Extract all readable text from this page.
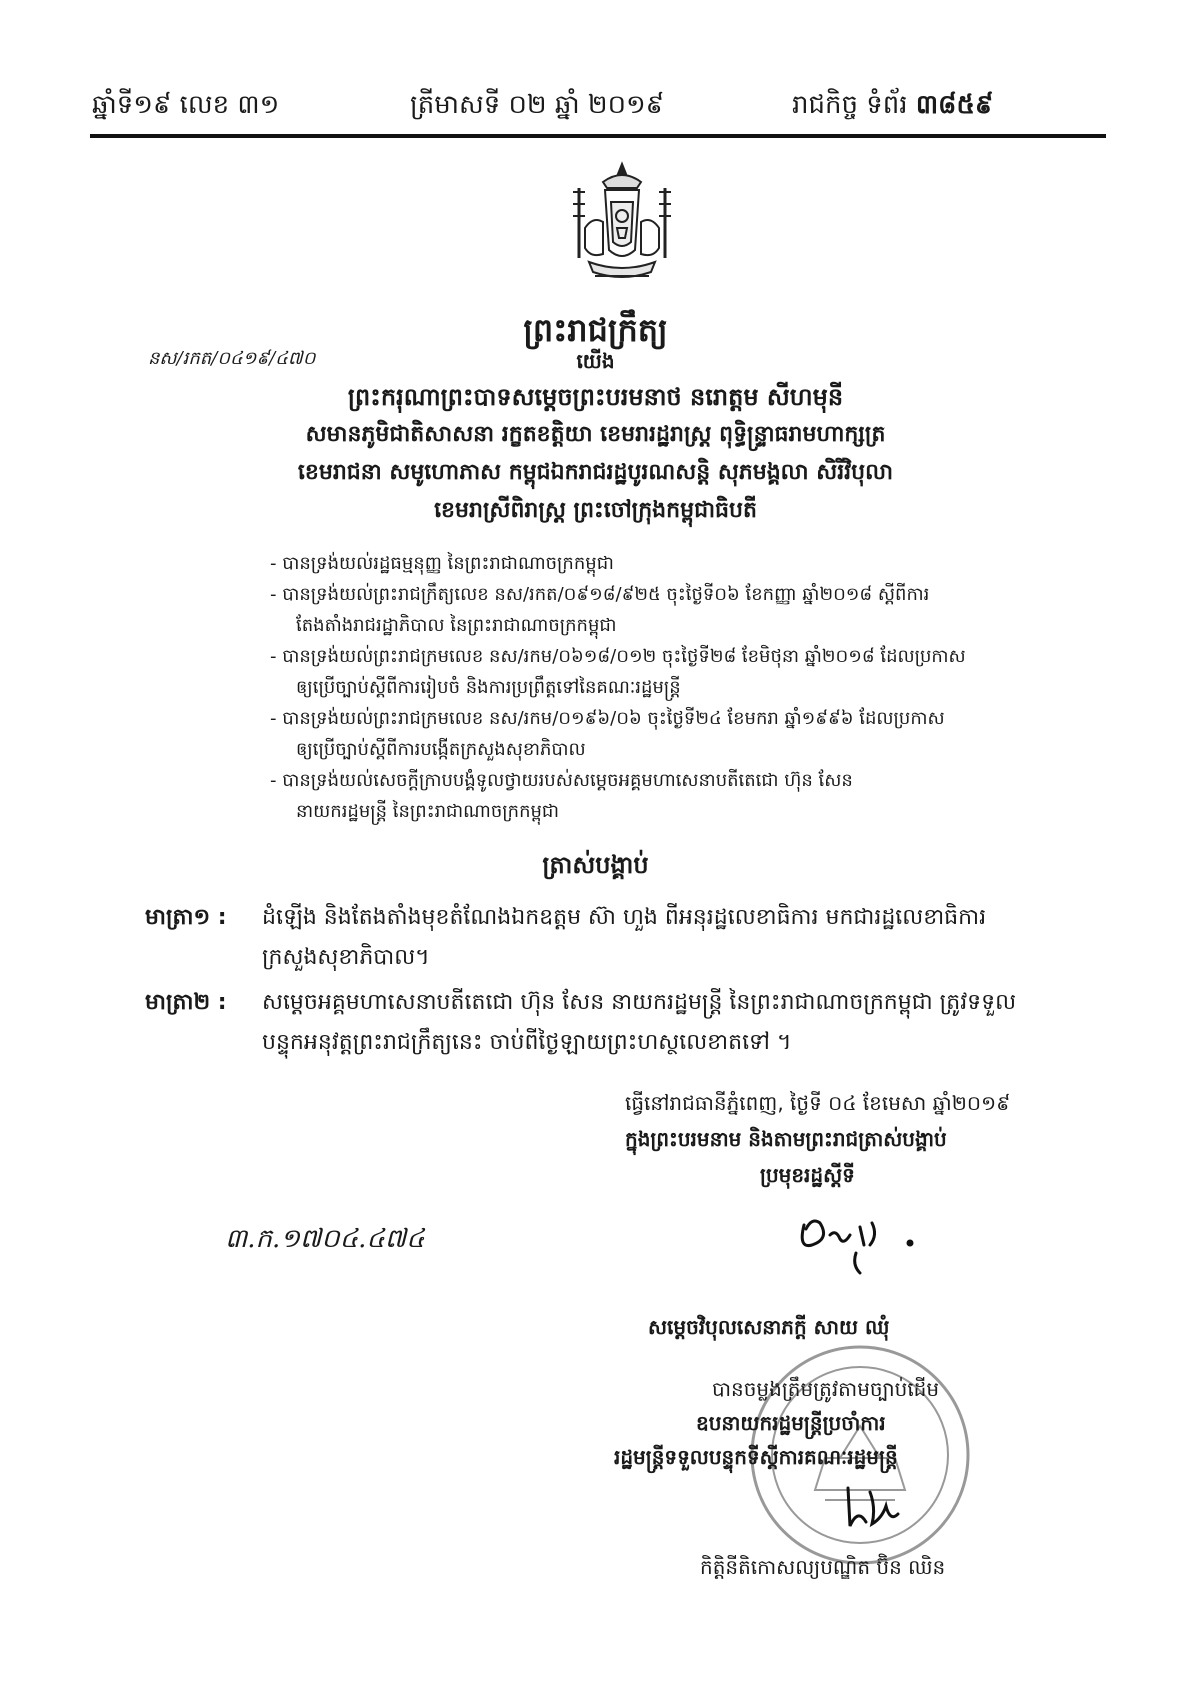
ឆ្នាំទី១៩ លេខ ៣១	ត្រីមាសទី ០២ ឆ្នាំ ២០១៩	រាជកិច្ច ទំព័រ ៣៨៥៩
ព្រះរាជក្រឹត្យ
នស/រកត/០៤១៩/៤៧០	យើង
ព្រះករុណាព្រះបាទសម្ដេចព្រះបរមនាថ នរោត្តម សីហមុនី
សមានភូមិជាតិសាសនា រក្ខតខត្តិយា ខេមរារដ្ឋរាស្ត្រ ពុទ្ធិន្ទ្រាធរាមហាក្សត្រ
ខេមរាជនា សមូហោភាស កម្ពុជឯករាជរដ្ឋបូរណសន្តិ សុភមង្គលា សិរីវិបុលា
ខេមរាស្រីពិរាស្ត្រ ព្រះចៅក្រុងកម្ពុជាធិបតី
- បានទ្រង់យល់រដ្ឋធម្មនុញ្ញ នៃព្រះរាជាណាចក្រកម្ពុជា
- បានទ្រង់យល់ព្រះរាជក្រឹត្យលេខ នស/រកត/០៩១៨/៩២៥ ចុះថ្ងៃទី០៦ ខែកញ្ញា ឆ្នាំ២០១៨ ស្ដីពីការ
តែងតាំងរាជរដ្ឋាភិបាល នៃព្រះរាជាណាចក្រកម្ពុជា
- បានទ្រង់យល់ព្រះរាជក្រមលេខ នស/រកម/០៦១៨/០១២ ចុះថ្ងៃទី២៨ ខែមិថុនា ឆ្នាំ២០១៨ ដែលប្រកាស
ឲ្យប្រើច្បាប់ស្ដីពីការរៀបចំ និងការប្រព្រឹត្តទៅនៃគណៈរដ្ឋមន្ត្រី
- បានទ្រង់យល់ព្រះរាជក្រមលេខ នស/រកម/០១៩៦/០៦ ចុះថ្ងៃទី២៤ ខែមករា ឆ្នាំ១៩៩៦ ដែលប្រកាស
ឲ្យប្រើច្បាប់ស្ដីពីការបង្កើតក្រសួងសុខាភិបាល
- បានទ្រង់យល់សេចក្ដីក្រាបបង្គំទូលថ្វាយរបស់សម្ដេចអគ្គមហាសេនាបតីតេជោ ហ៊ុន សែន
នាយករដ្ឋមន្ត្រី នៃព្រះរាជាណាចក្រកម្ពុជា
ត្រាស់បង្គាប់
មាត្រា១ : ដំឡើង និងតែងតាំងមុខតំណែងឯកឧត្ដម ស៊ា ហួង ពីអនុរដ្ឋលេខាធិការ មកជារដ្ឋលេខាធិការ
ក្រសួងសុខាភិបាល។
មាត្រា២ : សម្ដេចអគ្គមហាសេនាបតីតេជោ ហ៊ុន សែន នាយករដ្ឋមន្ត្រី នៃព្រះរាជាណាចក្រកម្ពុជា ត្រូវទទួល
បន្ទុកអនុវត្តព្រះរាជក្រឹត្យនេះ ចាប់ពីថ្ងៃឡាយព្រះហស្ថលេខាតទៅ ។
ធ្វើនៅរាជធានីភ្នំពេញ, ថ្ងៃទី ០៤ ខែមេសា ឆ្នាំ២០១៩
ក្នុងព្រះបរមនាម និងតាមព្រះរាជត្រាស់បង្គាប់
ប្រមុខរដ្ឋស្ដីទី
៣.ក.១៧០៤.៤៧៤
សម្ដេចវិបុលសេនាភក្ដី សាយ ឈុំ
បានចម្លងត្រឹមត្រូវតាមច្បាប់ដើម
ឧបនាយករដ្ឋមន្ត្រីប្រចាំការ
រដ្ឋមន្ត្រីទទួលបន្ទុកទីស្ដីការគណៈរដ្ឋមន្ត្រី
កិត្តិនីតិកោសល្យបណ្ឌិត ប៊ិន ឈិន
